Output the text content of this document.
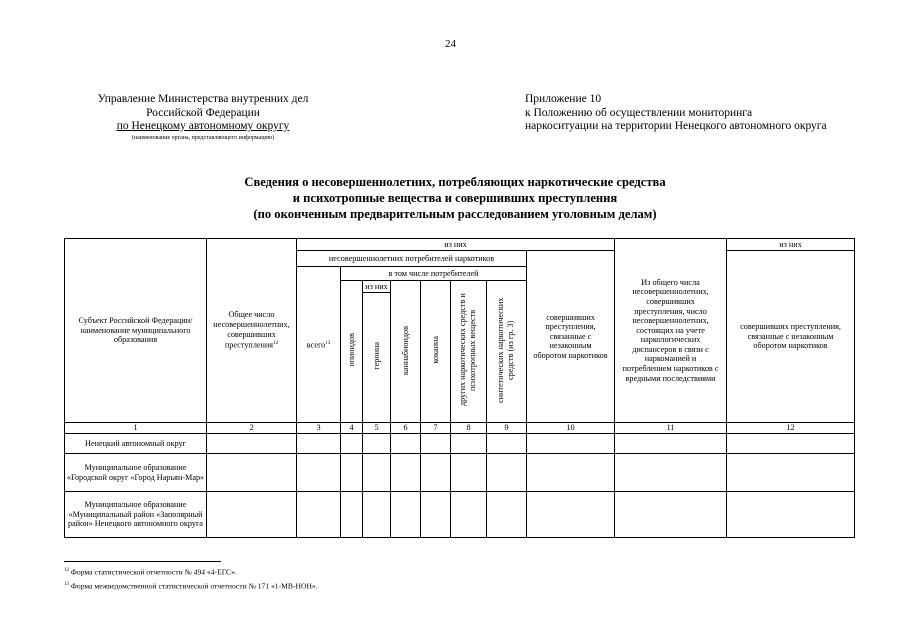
24
Управление Министерства внутренних дел
Российской Федерации
по Ненецкому автономному округу
(наименование органа, представляющего информацию)
Приложение 10
к Положению об осуществлении мониторинга
наркоситуации на территории Ненецкого автономного округа
Сведения о несовершеннолетних, потребляющих наркотические средства
и психотропные вещества и совершивших преступления
(по оконченным предварительным расследованием уголовным делам)
Субъект Российской Федерации/ наименование муниципального образования	Общее число несовершеннолетних, совершивших преступления$^{12}$	из них								Из общего числа несовершеннолетних, совершивших преступления, число несовершеннолетних, состоящих на учете наркологических диспансеров в связи с наркоманией и потреблением наркотиков с вредными последствиями	из них
		несовершеннолетних потребителей наркотиков							совершивших преступления, связанные с незаконным оборотом наркотиков		совершивших преступления, связанные с незаконным оборотом наркотиков
		всего$^{13}$	в том числе потребителей								
			опиоидов	из них	каннабиоидов	кокаина	других наркотических средств и психотропных веществ	синтетических наркотических средств (из гр. 3)			
				героина							

1	2	3	4	5	6	7	8	9	10	11	12
Ненецкий автономный округ											
Муниципальное образование «Городской округ «Город Нарьян-Мар»											
Муниципальное образование «Муниципальный район «Заполярный район» Ненецкого автономного округа											
$^{12}$ Форма статистической отчетности № 494 «4-ЕГС».
$^{13}$ Форма межведомственной статистической отчетности № 171 «1-МВ-НОН».
